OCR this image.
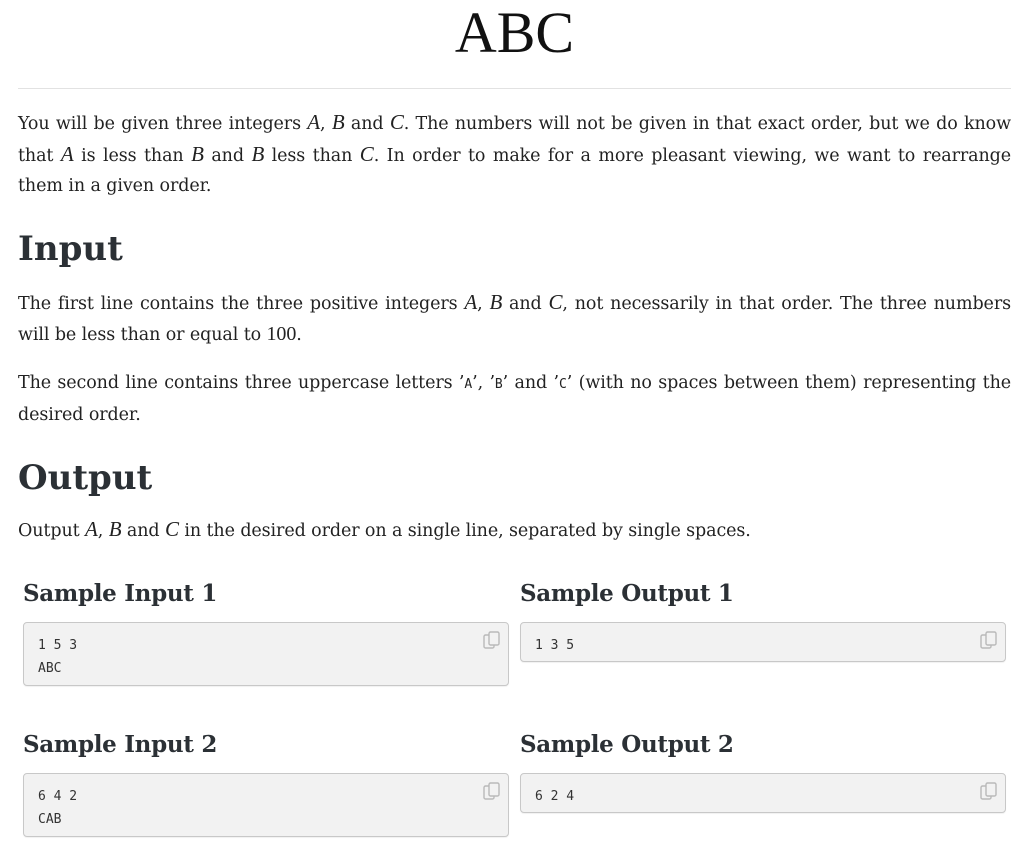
ABC

You will be given three integers A, B and C. The numbers will not be given in that exact order, but we do know that A is less than B and B less than C. In order to make for a more pleasant viewing, we want to rearrange them in a given order.

Input

The first line contains the three positive integers A, B and C, not necessarily in that order. The three numbers will be less than or equal to 100.

The second line contains three uppercase letters ’A’, ’B’ and ’C’ (with no spaces between them) representing the desired order.

Output

Output A, B and C in the desired order on a single line, separated by single spaces.

Sample Input 1
1 5 3
ABC
Sample Output 1
1 3 5
Sample Input 2
6 4 2
CAB
Sample Output 2
6 2 4
